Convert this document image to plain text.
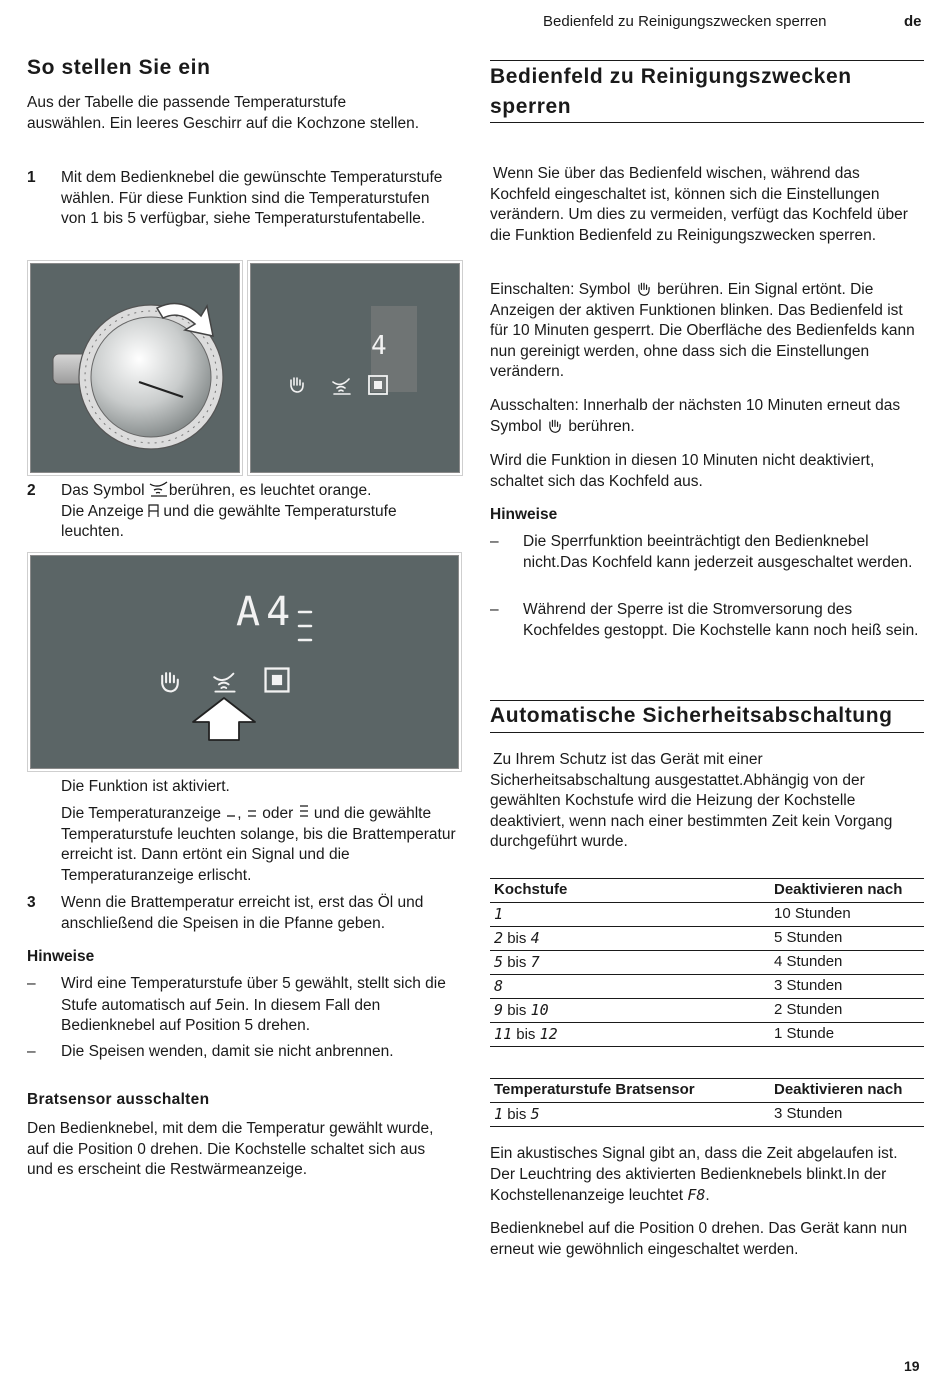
Bedienfeld zu Reinigungszwecken sperren	de
So stellen Sie ein

Aus der Tabelle die passende Temperaturstufe auswählen. Ein leeres Geschirr auf die Kochzone stellen.

1 Mit dem Bedienknebel die gewünschte Temperaturstufe wählen. Für diese Funktion sind die Temperaturstufen von 1 bis 5 verfügbar, siehe Temperaturstufentabelle.

4
2 Das Symbol berühren, es leuchtet orange.
Die Anzeige und die gewählte Temperaturstufe leuchten.

A4

Die Funktion ist aktiviert.

Die Temperaturanzeige , oder und die gewählte Temperaturstufe leuchten solange, bis die Brattemperatur erreicht ist. Dann ertönt ein Signal und die Temperaturanzeige erlischt.

3 Wenn die Brattemperatur erreicht ist, erst das Öl und anschließend die Speisen in die Pfanne geben.

Hinweise
– Wird eine Temperaturstufe über 5 gewählt, stellt sich die Stufe automatisch auf 5ein. In diesem Fall den Bedienknebel auf Position 5 drehen.

– Die Speisen wenden, damit sie nicht anbrennen.

Bratsensor ausschalten

Den Bedienknebel, mit dem die Temperatur gewählt wurde, auf die Position 0 drehen. Die Kochstelle schaltet sich aus und es erscheint die Restwärmeanzeige.

Bedienfeld zu Reinigungszwecken sperren

Wenn Sie über das Bedienfeld wischen, während das Kochfeld eingeschaltet ist, können sich die Einstellungen verändern. Um dies zu vermeiden, verfügt das Kochfeld über die Funktion Bedienfeld zu Reinigungszwecken sperren.

Einschalten: Symbol berühren. Ein Signal ertönt. Die Anzeigen der aktiven Funktionen blinken. Das Bedienfeld ist für 10 Minuten gesperrt. Die Oberfläche des Bedienfelds kann nun gereinigt werden, ohne dass sich die Einstellungen verändern.

Ausschalten: Innerhalb der nächsten 10 Minuten erneut das Symbol berühren.

Wird die Funktion in diesen 10 Minuten nicht deaktiviert, schaltet sich das Kochfeld aus.

Hinweise
– Die Sperrfunktion beeinträchtigt den Bedienknebel nicht.Das Kochfeld kann jederzeit ausgeschaltet werden.

– Während der Sperre ist die Stromversorung des Kochfeldes gestoppt. Die Kochstelle kann noch heiß sein.

Automatische Sicherheitsabschaltung

Zu Ihrem Schutz ist das Gerät mit einer Sicherheitsabschaltung ausgestattet.Abhängig von der gewählten Kochstufe wird die Heizung der Kochstelle deaktiviert, wenn nach einer bestimmten Zeit kein Vorgang durchgeführt wurde.

Kochstufe	Deaktivieren nach
1	10 Stunden
2 bis 4	5 Stunden
5 bis 7	4 Stunden
8	3 Stunden
9 bis 10	2 Stunden
11 bis 12	1 Stunde
Temperaturstufe Bratsensor	Deaktivieren nach
1 bis 5	3 Stunden

Ein akustisches Signal gibt an, dass die Zeit abgelaufen ist. Der Leuchtring des aktivierten Bedienknebels blinkt.In der Kochstellenanzeige leuchtet F8.

Bedienknebel auf die Position 0 drehen. Das Gerät kann nun erneut wie gewöhnlich eingeschaltet werden.

19
